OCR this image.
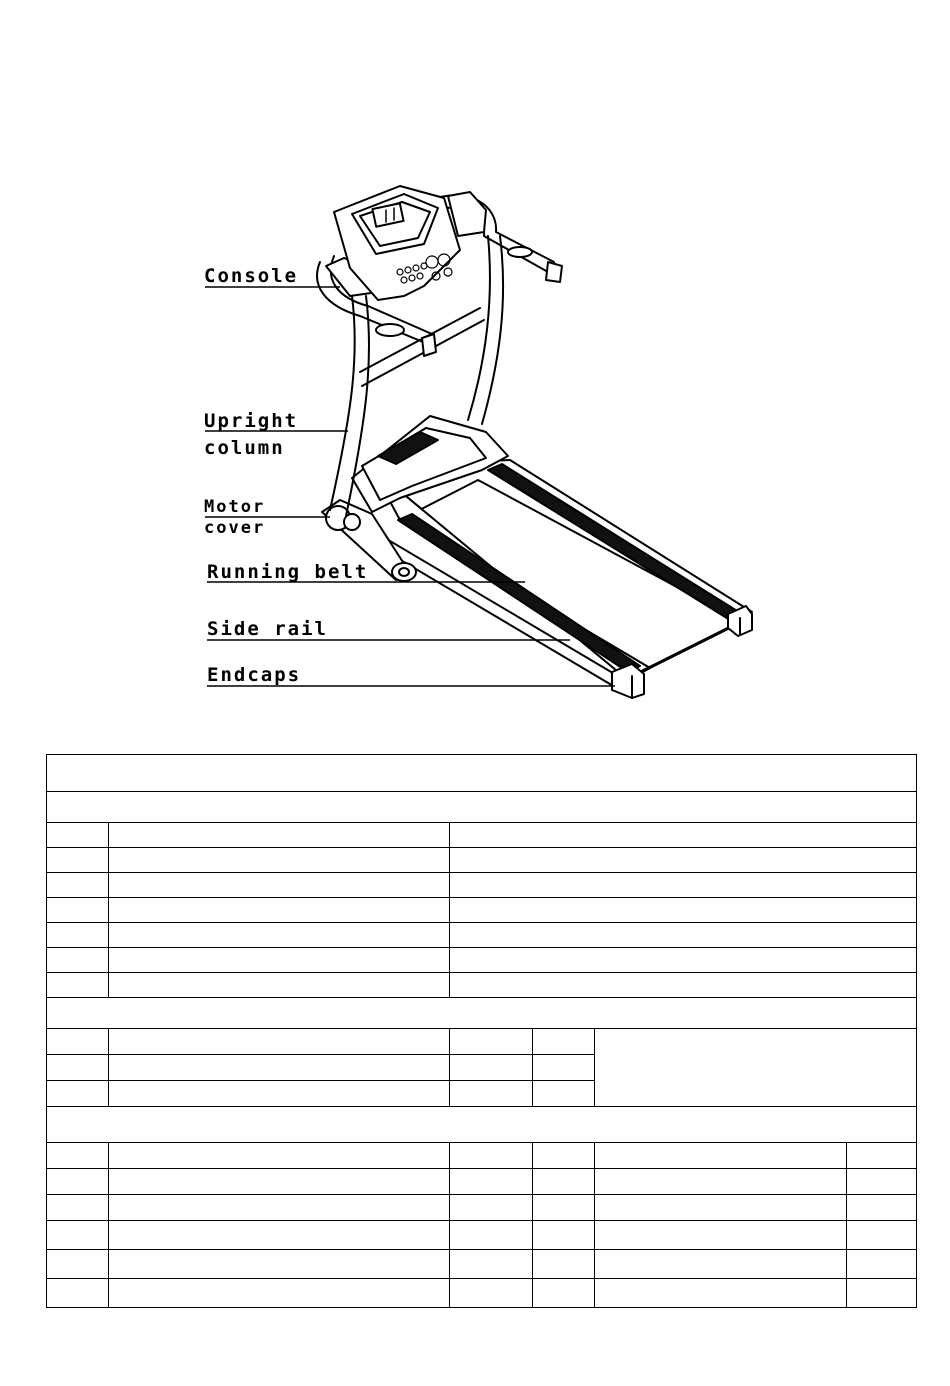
Console
Upright
column
Motor
cover
Running belt
Side rail
Endcaps
